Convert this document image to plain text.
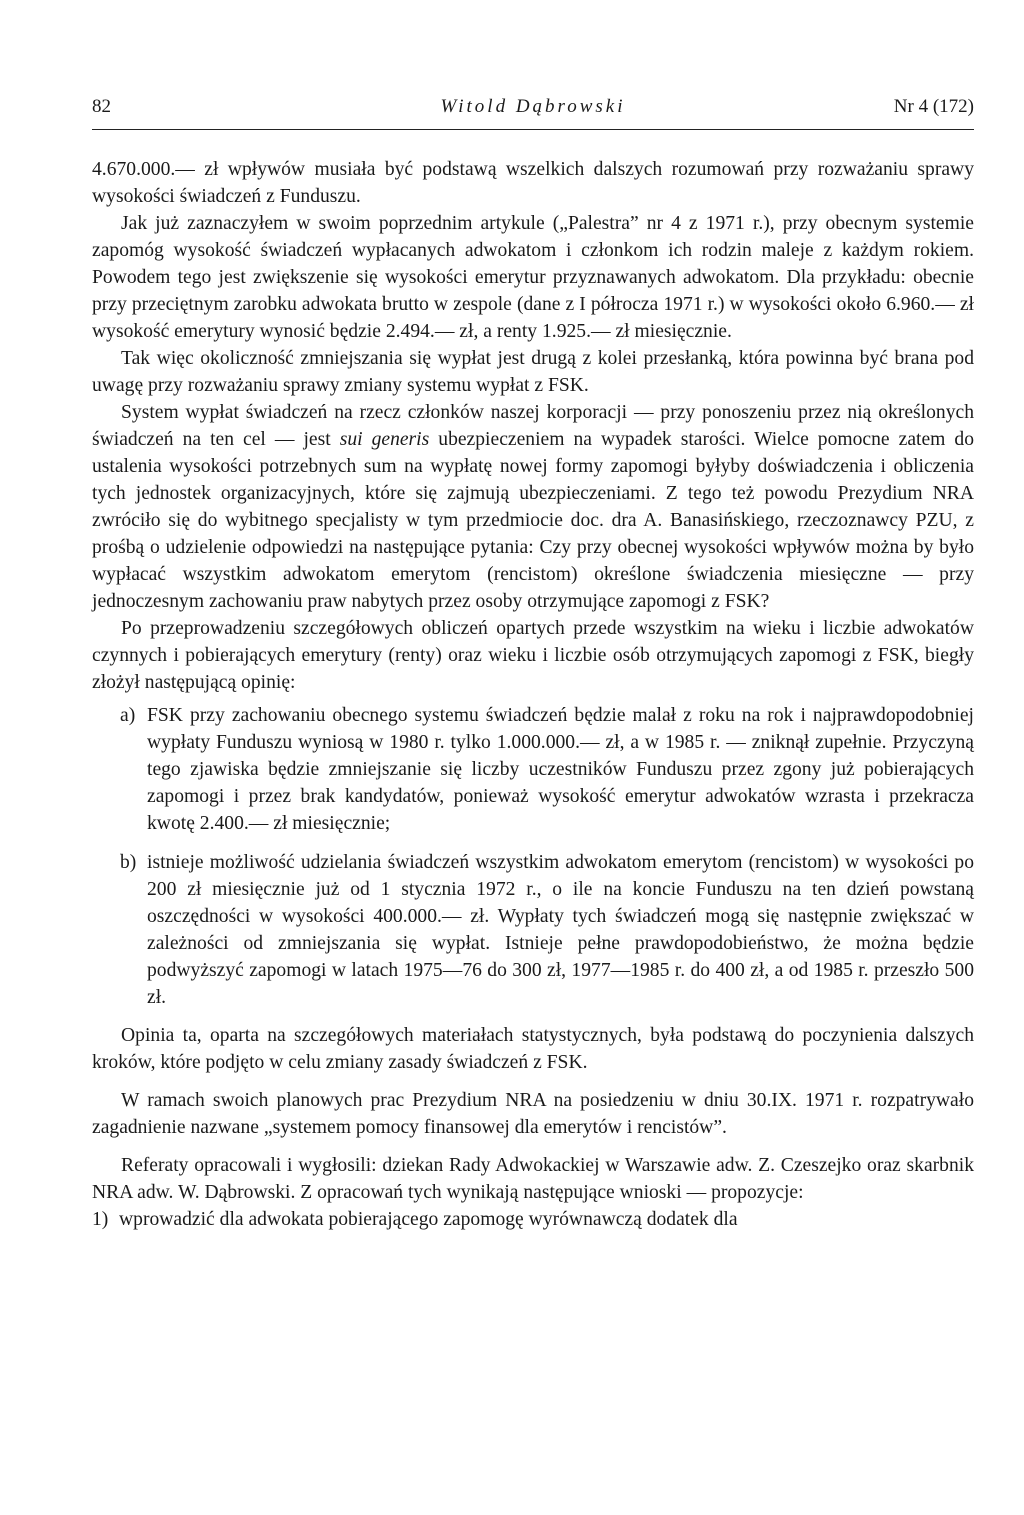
82	Witold Dąbrowski	Nr 4 (172)

4.670.000.— zł wpływów musiała być podstawą wszelkich dalszych rozumowań przy rozważaniu sprawy wysokości świadczeń z Funduszu.

Jak już zaznaczyłem w swoim poprzednim artykule („Palestra” nr 4 z 1971 r.), przy obecnym systemie zapomóg wysokość świadczeń wypłacanych adwokatom i członkom ich rodzin maleje z każdym rokiem. Powodem tego jest zwiększenie się wysokości emerytur przyznawanych adwokatom. Dla przykładu: obecnie przy przeciętnym zarobku adwokata brutto w zespole (dane z I półrocza 1971 r.) w wysokości około 6.960.— zł wysokość emerytury wynosić będzie 2.494.— zł, a renty 1.925.— zł miesięcznie.

Tak więc okoliczność zmniejszania się wypłat jest drugą z kolei przesłanką, która powinna być brana pod uwagę przy rozważaniu sprawy zmiany systemu wypłat z FSK.

System wypłat świadczeń na rzecz członków naszej korporacji — przy ponoszeniu przez nią określonych świadczeń na ten cel — jest sui generis ubezpieczeniem na wypadek starości. Wielce pomocne zatem do ustalenia wysokości potrzebnych sum na wypłatę nowej formy zapomogi byłyby doświadczenia i obliczenia tych jednostek organizacyjnych, które się zajmują ubezpieczeniami. Z tego też powodu Prezydium NRA zwróciło się do wybitnego specjalisty w tym przedmiocie doc. dra A. Banasińskiego, rzeczoznawcy PZU, z prośbą o udzielenie odpowiedzi na następujące pytania: Czy przy obecnej wysokości wpływów można by było wypłacać wszystkim adwokatom emerytom (rencistom) określone świadczenia miesięczne — przy jednoczesnym zachowaniu praw nabytych przez osoby otrzymujące zapomogi z FSK?

Po przeprowadzeniu szczegółowych obliczeń opartych przede wszystkim na wieku i liczbie adwokatów czynnych i pobierających emerytury (renty) oraz wieku i liczbie osób otrzymujących zapomogi z FSK, biegły złożył następującą opinię:

a) FSK przy zachowaniu obecnego systemu świadczeń będzie malał z roku na rok i najprawdopodobniej wypłaty Funduszu wyniosą w 1980 r. tylko 1.000.000.— zł, a w 1985 r. — zniknął zupełnie. Przyczyną tego zjawiska będzie zmniejszanie się liczby uczestników Funduszu przez zgony już pobierających zapomogi i przez brak kandydatów, ponieważ wysokość emerytur adwokatów wzrasta i przekracza kwotę 2.400.— zł miesięcznie;
b) istnieje możliwość udzielania świadczeń wszystkim adwokatom emerytom (rencistom) w wysokości po 200 zł miesięcznie już od 1 stycznia 1972 r., o ile na koncie Funduszu na ten dzień powstaną oszczędności w wysokości 400.000.— zł. Wypłaty tych świadczeń mogą się następnie zwiększać w zależności od zmniejszania się wypłat. Istnieje pełne prawdopodobieństwo, że można będzie podwyższyć zapomogi w latach 1975—76 do 300 zł, 1977—1985 r. do 400 zł, a od 1985 r. przeszło 500 zł.

Opinia ta, oparta na szczegółowych materiałach statystycznych, była podstawą do poczynienia dalszych kroków, które podjęto w celu zmiany zasady świadczeń z FSK.

W ramach swoich planowych prac Prezydium NRA na posiedzeniu w dniu 30.IX. 1971 r. rozpatrywało zagadnienie nazwane „systemem pomocy finansowej dla emerytów i rencistów”.

Referaty opracowali i wygłosili: dziekan Rady Adwokackiej w Warszawie adw. Z. Czeszejko oraz skarbnik NRA adw. W. Dąbrowski. Z opracowań tych wynikają następujące wnioski — propozycje:

1) wprowadzić dla adwokata pobierającego zapomogę wyrównawczą dodatek dla
